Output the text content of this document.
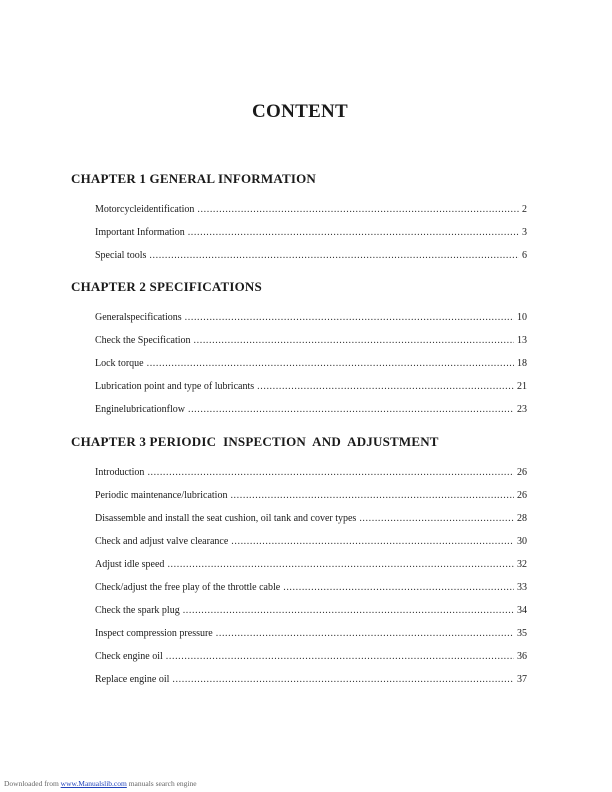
CONTENT
CHAPTER 1 GENERAL INFORMATION
Motorcycleidentification .....	2
Important Information .....	3
Special tools .....	6
CHAPTER 2 SPECIFICATIONS
Generalspecifications .....	10
Check the Specification .....	13
Lock torque .....	18
Lubrication point and type of lubricants .....	21
Enginelubricationflow .....	23
CHAPTER 3 PERIODIC  INSPECTION  AND  ADJUSTMENT
Introduction .....	26
Periodic maintenance/lubrication .....	26
Disassemble and install the seat cushion, oil tank and cover types .....	28
Check and adjust valve clearance .....	30
Adjust idle speed .....	32
Check/adjust the free play of the throttle cable .....	33
Check the spark plug .....	34
Inspect compression pressure .....	35
Check engine oil .....	36
Replace engine oil .....	37
Downloaded from www.Manualslib.com manuals search engine
